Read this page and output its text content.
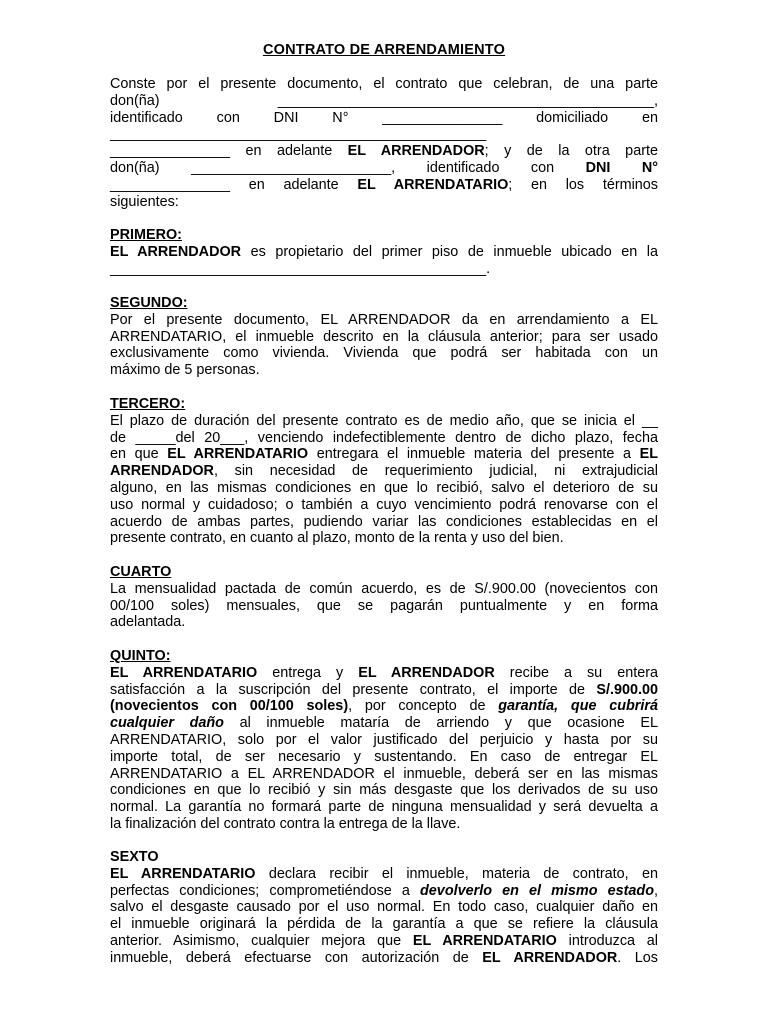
CONTRATO DE ARRENDAMIENTO
Conste por el presente documento, el contrato que celebran, de una parte
don(ña)	_______________________________________________,
identificado con DNI N° _______________ domiciliado en
_______________________________________________
_______________ en adelante EL ARRENDADOR; y de la otra parte
don(ña) _________________________, identificado con DNI N°
_______________ en adelante EL ARRENDATARIO; en los términos
siguientes:
PRIMERO:
EL ARRENDADOR es propietario del primer piso de inmueble ubicado en la
_______________________________________________.
SEGUNDO:
Por el presente documento, EL ARRENDADOR da en arrendamiento a EL
ARRENDATARIO, el inmueble descrito en la cláusula anterior; para ser usado
exclusivamente como vivienda. Vivienda que podrá ser habitada con un
máximo de 5 personas.
TERCERO:
El plazo de duración del presente contrato es de medio año, que se inicia el __
de _____del 20___, venciendo indefectiblemente dentro de dicho plazo, fecha
en que EL ARRENDATARIO entregara el inmueble materia del presente a EL
ARRENDADOR, sin necesidad de requerimiento judicial, ni extrajudicial
alguno, en las mismas condiciones en que lo recibió, salvo el deterioro de su
uso normal y cuidadoso; o también a cuyo vencimiento podrá renovarse con el
acuerdo de ambas partes, pudiendo variar las condiciones establecidas en el
presente contrato, en cuanto al plazo, monto de la renta y uso del bien.
CUARTO
La mensualidad pactada de común acuerdo, es de S/.900.00 (novecientos con
00/100 soles) mensuales, que se pagarán puntualmente y en forma
adelantada.
QUINTO:
EL ARRENDATARIO entrega y EL ARRENDADOR recibe a su entera
satisfacción a la suscripción del presente contrato, el importe de S/.900.00
(novecientos con 00/100 soles), por concepto de garantía, que cubrirá
cualquier daño al inmueble mataría de arriendo y que ocasione EL
ARRENDATARIO, solo por el valor justificado del perjuicio y hasta por su
importe total, de ser necesario y sustentando. En caso de entregar EL
ARRENDATARIO a EL ARRENDADOR el inmueble, deberá ser en las mismas
condiciones en que lo recibió y sin más desgaste que los derivados de su uso
normal. La garantía no formará parte de ninguna mensualidad y será devuelta a
la finalización del contrato contra la entrega de la llave.
SEXTO
EL ARRENDATARIO declara recibir el inmueble, materia de contrato, en
perfectas condiciones; comprometiéndose a devolverlo en el mismo estado,
salvo el desgaste causado por el uso normal. En todo caso, cualquier daño en
el inmueble originará la pérdida de la garantía a que se refiere la cláusula
anterior. Asimismo, cualquier mejora que EL ARRENDATARIO introduzca al
inmueble, deberá efectuarse con autorización de EL ARRENDADOR. Los
